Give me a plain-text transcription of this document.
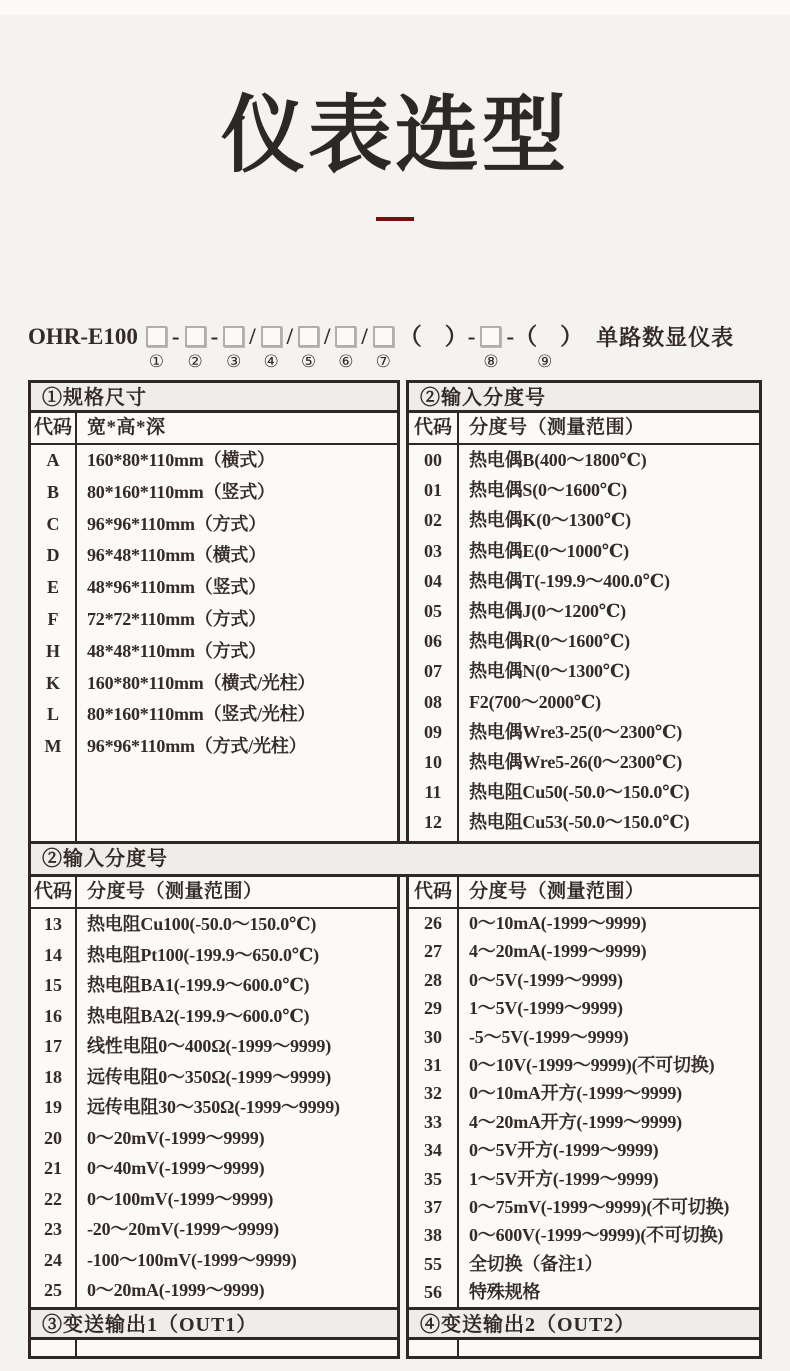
仪表选型
OHR-E100
①
-
②
-
③
/
④
/
⑤
/
⑥
/
⑦
（　）-
⑧
-（　）
⑨
单路数显仪表
①规格尺寸
代码
A
B
C
D
E
F
H
K
L
M
宽*高*深
160*80*110mm（横式）
80*160*110mm（竖式）
96*96*110mm（方式）
96*48*110mm（横式）
48*96*110mm（竖式）
72*72*110mm（方式）
48*48*110mm（方式）
160*80*110mm（横式/光柱）
80*160*110mm（竖式/光柱）
96*96*110mm（方式/光柱）
②输入分度号
代码
00
01
02
03
04
05
06
07
08
09
10
11
12
分度号（测量范围）
热电偶B(400～1800℃)
热电偶S(0～1600℃)
热电偶K(0～1300℃)
热电偶E(0～1000℃)
热电偶T(-199.9～400.0℃)
热电偶J(0～1200℃)
热电偶R(0～1600℃)
热电偶N(0～1300℃)
F2(700～2000℃)
热电偶Wre3-25(0～2300℃)
热电偶Wre5-26(0～2300℃)
热电阻Cu50(-50.0～150.0℃)
热电阻Cu53(-50.0～150.0℃)
②输入分度号
代码
13
14
15
16
17
18
19
20
21
22
23
24
25
分度号（测量范围）
热电阻Cu100(-50.0～150.0℃)
热电阻Pt100(-199.9～650.0℃)
热电阻BA1(-199.9～600.0℃)
热电阻BA2(-199.9～600.0℃)
线性电阻0～400Ω(-1999～9999)
远传电阻0～350Ω(-1999～9999)
远传电阻30～350Ω(-1999～9999)
0～20mV(-1999～9999)
0～40mV(-1999～9999)
0～100mV(-1999～9999)
-20～20mV(-1999～9999)
-100～100mV(-1999～9999)
0～20mA(-1999～9999)
代码
26
27
28
29
30
31
32
33
34
35
37
38
55
56
分度号（测量范围）
0～10mA(-1999～9999)
4～20mA(-1999～9999)
0～5V(-1999～9999)
1～5V(-1999～9999)
-5～5V(-1999～9999)
0～10V(-1999～9999)(不可切换)
0～10mA开方(-1999～9999)
4～20mA开方(-1999～9999)
0～5V开方(-1999～9999)
1～5V开方(-1999～9999)
0～75mV(-1999～9999)(不可切换)
0～600V(-1999～9999)(不可切换)
全切换（备注1）
特殊规格
③变送输出1（OUT1）	④变送输出2（OUT2）
